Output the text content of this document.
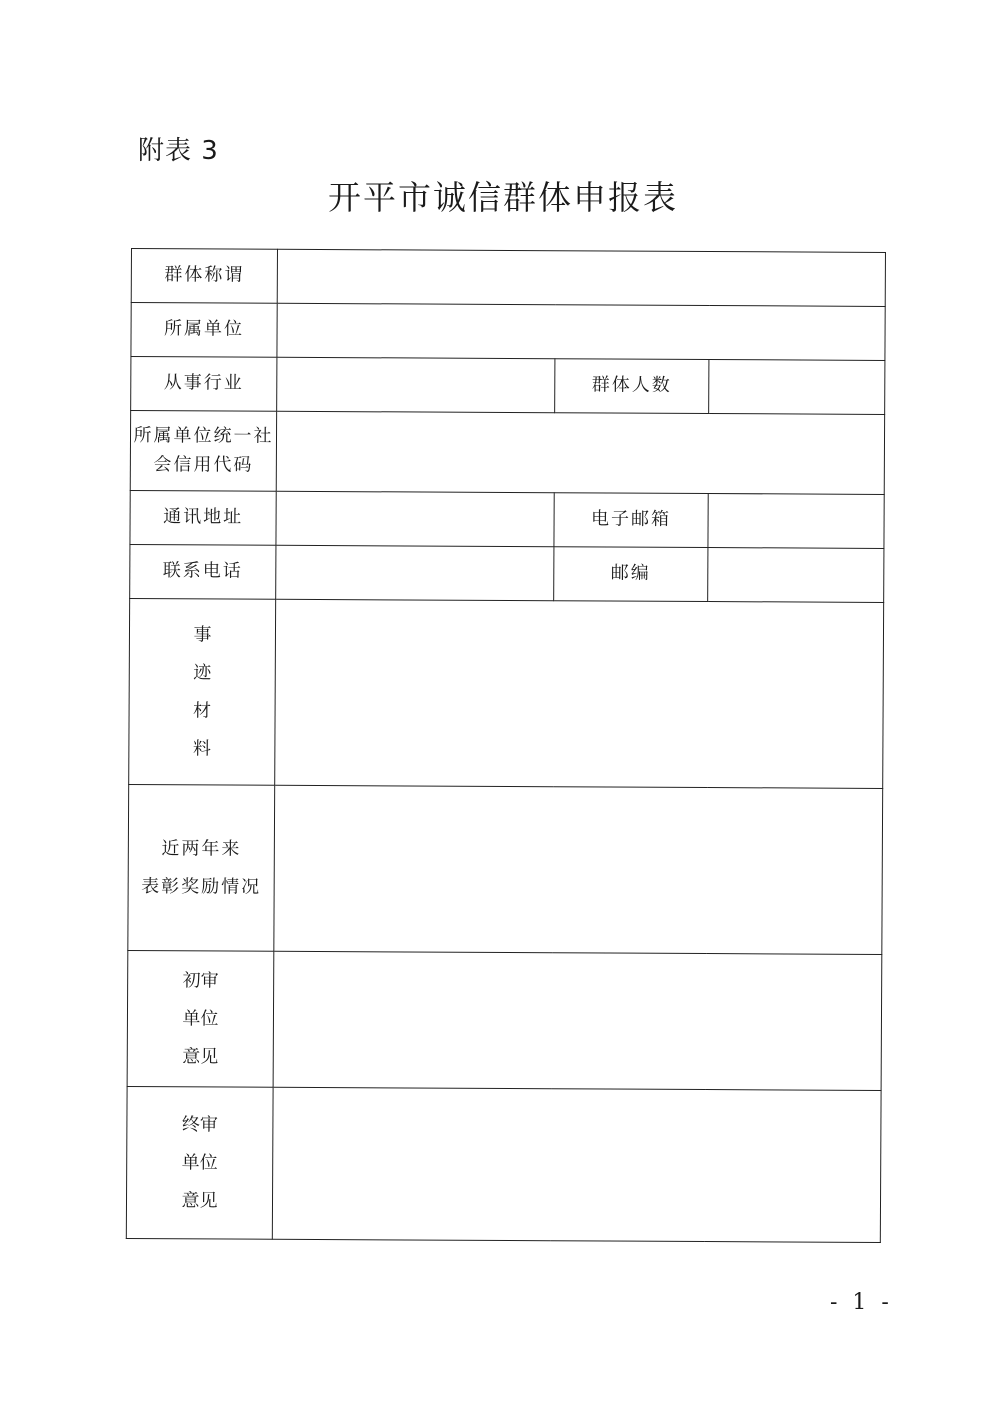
附表 3
开平市诚信群体申报表
群体称谓			
所属单位			
从事行业		群体人数	

所属单位统一社
会信用代码			

通讯地址		电子邮箱	
联系电话		邮编	

事
迹
材
料			

近两年来
表彰奖励情况			

初审
单位
意见			

终审
单位
意见			

- 1 -
